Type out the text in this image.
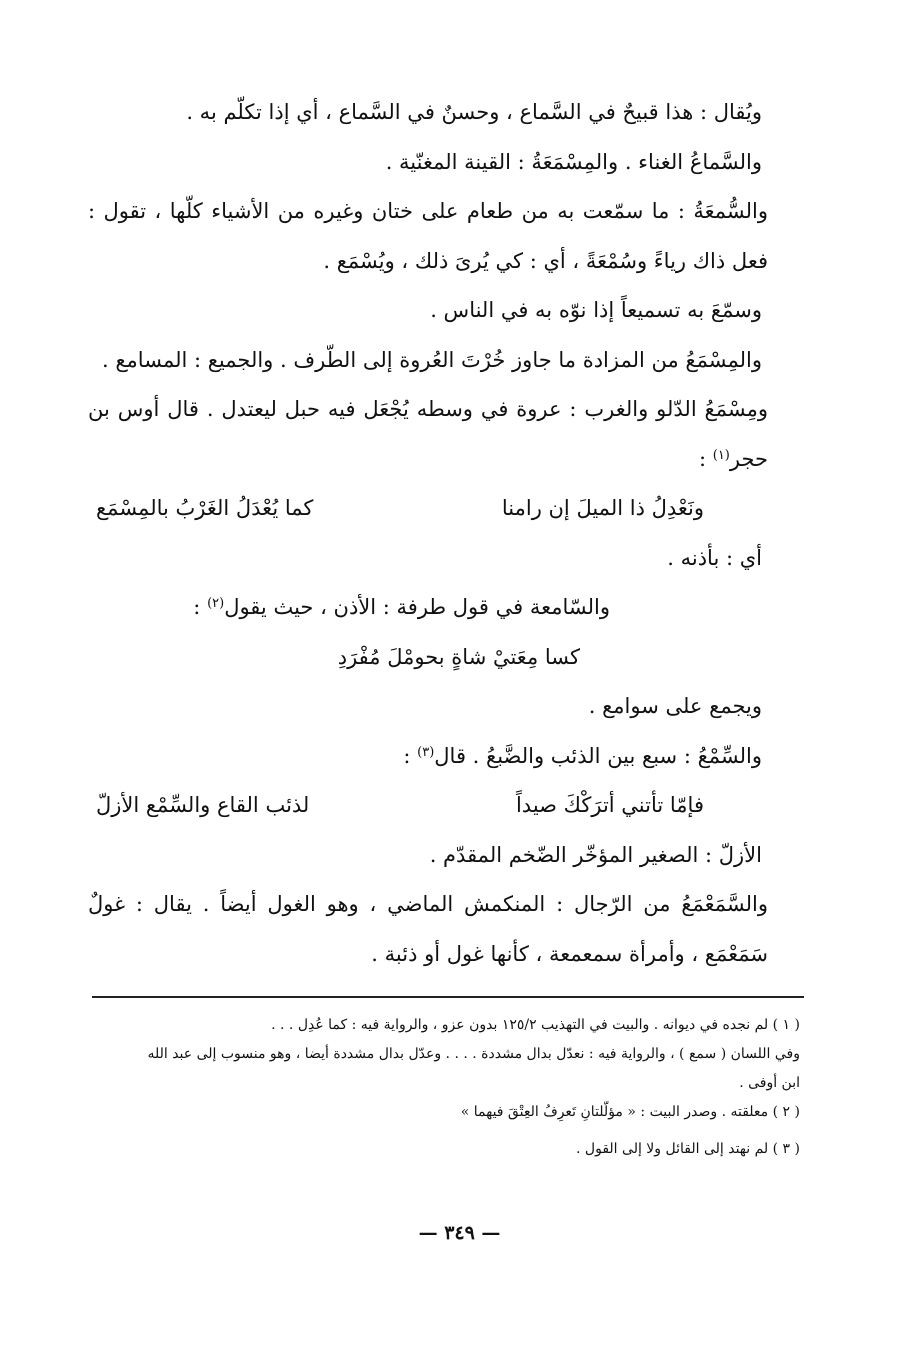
ويُقال : هذا قبيحٌ في السَّماع ، وحسنٌ في السَّماع ، أي إذا تكلّم به .
والسَّماعُ الغناء . والمِسْمَعَةُ : القينة المغنّية .
والسُّمعَةُ : ما سمّعت به من طعام على ختان وغيره من الأشياء كلّها ، تقول : فعل ذاك رياءً وسُمْعَةً ، أي : كي يُرىَ ذلك ، ويُسْمَع .
وسمّعَ به تسميعاً إذا نوّه به في الناس .
والمِسْمَعُ من المزادة ما جاوز خُرْتَ العُروة إلى الطّرف . والجميع : المسامع .
ومِسْمَعُ الدّلو والغرب : عروة في وسطه يُجْعَل فيه حبل ليعتدل . قال أوس بن حجر$^{(١)}$ :
ونَعْدِلُ ذا الميلَ إن رامنا
كما يُعْدَلُ الغَرْبُ بالمِسْمَع
أي : بأذنه .
والسّامعة في قول طرفة : الأذن ، حيث يقول$^{(٢)}$ :
كسا مِعَتيْ شاةٍ بحومْلَ مُفْرَدِ
ويجمع على سوامع .
والسِّمْعُ : سبع بين الذئب والضَّبعُ . قال$^{(٣)}$ :
فإمّا تأتني أترَكْكَ صيداً
لذئب القاع والسِّمْع الأزلّ
الأزلّ : الصغير المؤخّر الضّخم المقدّم .
والسَّمَعْمَعُ من الرّجال : المنكمش الماضي ، وهو الغول أيضاً . يقال : غولٌ سَمَعْمَع ، وأمرأة سمعمعة ، كأنها غول أو ذئبة .
( ١ ) لم نجده في ديوانه . والبيت في التهذيب ١٢٥/٢ بدون عزو ، والرواية فيه : كما عُدِل . . .
وفي اللسان ( سمع ) ، والرواية فيه : نعدّل بدال مشددة . . . . وعدّل بدال مشددة أيضا ، وهو منسوب إلى عبد الله
ابن أوفى .
( ٢ ) معلقته . وصدر البيت : « مؤلّلتانِ تَعرِفُ العِتْقَ فيهما »
( ٣ ) لم نهتد إلى القائل ولا إلى القول .
— ٣٤٩ —
